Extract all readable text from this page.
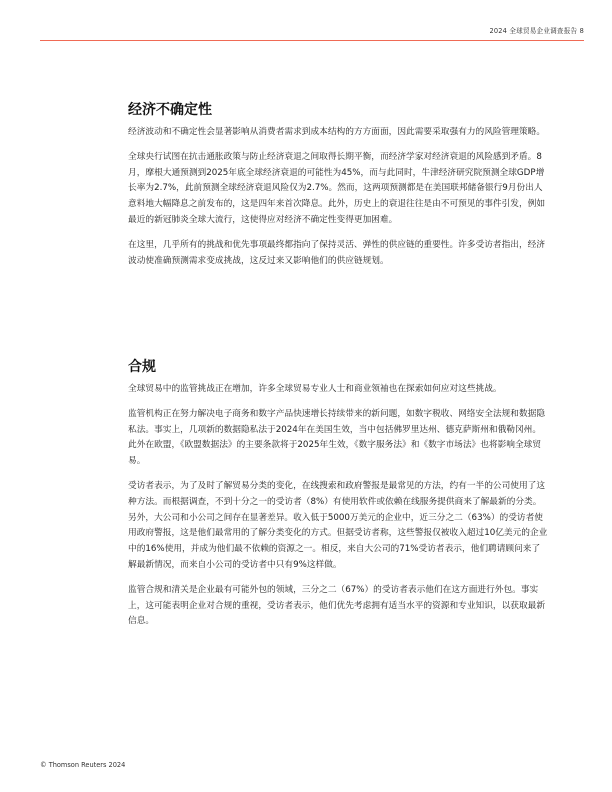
2024 全球贸易企业调查报告 8
经济不确定性

经济波动和不确定性会显著影响从消费者需求到成本结构的方方面面，因此需要采取强有力的风险管理策略。

全球央行试图在抗击通胀政策与防止经济衰退之间取得长期平衡，而经济学家对经济衰退的风险感到矛盾。8月，摩根大通预测到2025年底全球经济衰退的可能性为45%，而与此同时，牛津经济研究院预测全球GDP增长率为2.7%，此前预测全球经济衰退风险仅为2.7%。然而，这两项预测都是在美国联邦储备银行9月份出人意料地大幅降息之前发布的，这是四年来首次降息。此外，历史上的衰退往往是由不可预见的事件引发，例如最近的新冠肺炎全球大流行，这使得应对经济不确定性变得更加困难。

在这里，几乎所有的挑战和优先事项最终都指向了保持灵活、弹性的供应链的重要性。许多受访者指出，经济波动使准确预测需求变成挑战，这反过来又影响他们的供应链规划。

合规

全球贸易中的监管挑战正在增加，许多全球贸易专业人士和商业领袖也在探索如何应对这些挑战。

监管机构正在努力解决电子商务和数字产品快速增长持续带来的新问题，如数字税收、网络安全法规和数据隐私法。事实上，几项新的数据隐私法于2024年在美国生效，当中包括佛罗里达州、德克萨斯州和俄勒冈州。此外在欧盟，《欧盟数据法》的主要条款将于2025年生效，《数字服务法》和《数字市场法》也将影响全球贸易。

受访者表示，为了及时了解贸易分类的变化，在线搜索和政府警报是最常见的方法，约有一半的公司使用了这种方法。而根据调查，不到十分之一的受访者（8%）有使用软件或依赖在线服务提供商来了解最新的分类。另外，大公司和小公司之间存在显著差异。收入低于5000万美元的企业中，近三分之二（63%）的受访者使用政府警报，这是他们最常用的了解分类变化的方式。但据受访者称，这些警报仅被收入超过10亿美元的企业中的16%使用，并成为他们最不依赖的资源之一。相反，来自大公司的71%受访者表示，他们聘请顾问来了解最新情况，而来自小公司的受访者中只有9%这样做。

监管合规和清关是企业最有可能外包的领域，三分之二（67%）的受访者表示他们在这方面进行外包。事实上，这可能表明企业对合规的重视，受访者表示，他们优先考虑拥有适当水平的资源和专业知识，以获取最新信息。

© Thomson Reuters 2024
